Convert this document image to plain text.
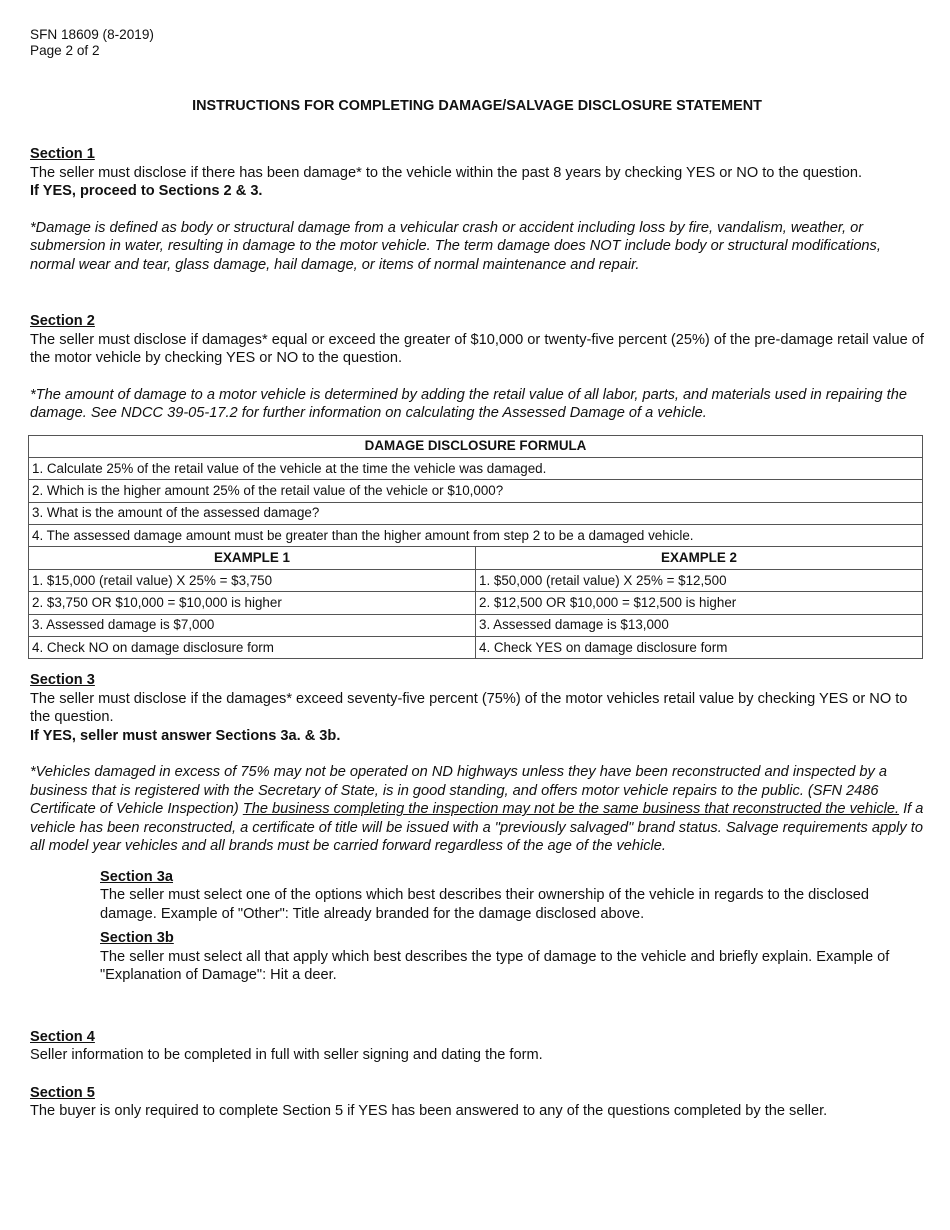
SFN 18609 (8-2019)

Page 2 of 2

INSTRUCTIONS FOR COMPLETING DAMAGE/SALVAGE DISCLOSURE STATEMENT

Section 1

The seller must disclose if there has been damage* to the vehicle within the past 8 years by checking YES or NO to the question.

If YES, proceed to Sections 2 & 3.

*Damage is defined as body or structural damage from a vehicular crash or accident including loss by fire, vandalism, weather, or submersion in water, resulting in damage to the motor vehicle. The term damage does NOT include body or structural modifications, normal wear and tear, glass damage, hail damage, or items of normal maintenance and repair.

Section 2

The seller must disclose if damages* equal or exceed the greater of $10,000 or twenty-five percent (25%) of the pre-damage retail value of the motor vehicle by checking YES or NO to the question.

*The amount of damage to a motor vehicle is determined by adding the retail value of all labor, parts, and materials used in repairing the damage. See NDCC 39-05-17.2 for further information on calculating the Assessed Damage of a vehicle.

DAMAGE DISCLOSURE FORMULA	
1. Calculate 25% of the retail value of the vehicle at the time the vehicle was damaged.	
2. Which is the higher amount 25% of the retail value of the vehicle or $10,000?	
3. What is the amount of the assessed damage?	
4. The assessed damage amount must be greater than the higher amount from step 2 to be a damaged vehicle.	
EXAMPLE 1	EXAMPLE 2
1. $15,000 (retail value) X 25% = $3,750	1. $50,000 (retail value) X 25% = $12,500
2. $3,750 OR $10,000 = $10,000 is higher	2. $12,500 OR $10,000 = $12,500 is higher
3. Assessed damage is $7,000	3. Assessed damage is $13,000
4. Check NO on damage disclosure form	4. Check YES on damage disclosure form

Section 3

The seller must disclose if the damages* exceed seventy-five percent (75%) of the motor vehicles retail value by checking YES or NO to the question.

If YES, seller must answer Sections 3a. & 3b.

*Vehicles damaged in excess of 75% may not be operated on ND highways unless they have been reconstructed and inspected by a business that is registered with the Secretary of State, is in good standing, and offers motor vehicle repairs to the public. (SFN 2486 Certificate of Vehicle Inspection) The business completing the inspection may not be the same business that reconstructed the vehicle. If a vehicle has been reconstructed, a certificate of title will be issued with a "previously salvaged" brand status. Salvage requirements apply to all model year vehicles and all brands must be carried forward regardless of the age of the vehicle.

Section 3a

The seller must select one of the options which best describes their ownership of the vehicle in regards to the disclosed damage. Example of "Other": Title already branded for the damage disclosed above.

Section 3b

The seller must select all that apply which best describes the type of damage to the vehicle and briefly explain. Example of "Explanation of Damage": Hit a deer.

Section 4

Seller information to be completed in full with seller signing and dating the form.

Section 5

The buyer is only required to complete Section 5 if YES has been answered to any of the questions completed by the seller.
